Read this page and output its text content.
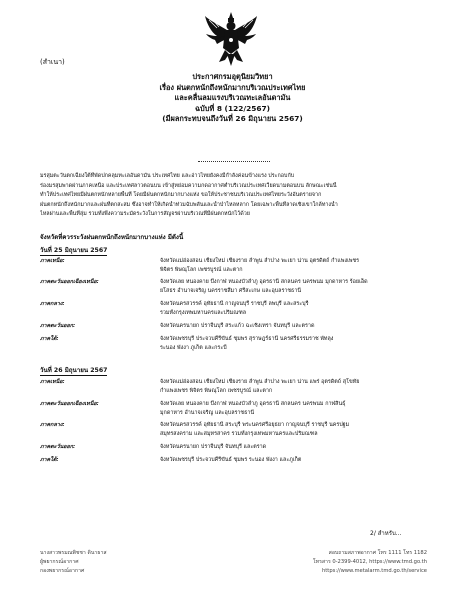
(สำเนา)
ประกาศกรมอุตุนิยมวิทยา
เรื่อง ฝนตกหนักถึงหนักมากบริเวณประเทศไทย
และคลื่นลมแรงบริเวณทะเลอันดามัน
ฉบับที่ 8 (122/2567)
(มีผลกระทบจนถึงวันที่ 26 มิถุนายน 2567)
มรสุมตะวันตกเฉียงใต้ที่พัดปกคลุมทะเลอันดามัน ประเทศไทย และอ่าวไทยยังคงมีกำลังค่อนข้างแรง ประกอบกับ
ร่องมรสุมพาดผ่านภาคเหนือ และประเทศลาวตอนบน เข้าสู่หย่อมความกดอากาศต่ำบริเวณประเทศเวียดนามตอนบน ลักษณะเช่นนี้
ทำให้ประเทศไทยมีฝนตกหนักหลายพื้นที่ โดยมีฝนตกหนักมากบางแห่ง ขอให้ประชาชนบริเวณประเทศไทยระวังอันตรายจาก
ฝนตกหนักถึงหนักมากและฝนที่ตกสะสม ซึ่งอาจทำให้เกิดน้ำท่วมฉับพลันและน้ำป่าไหลหลาก โดยเฉพาะพื้นที่ลาดเชิงเขาใกล้ทางน้ำ
ไหลผ่านและพื้นที่ลุ่ม รวมทั้งพึงความระมัดระวังในการสัญจรผ่านบริเวณที่มีฝนตกหนักไว้ด้วย
จังหวัดที่ควรระวังฝนตกหนักถึงหนักมากบางแห่ง มีดังนี้
วันที่ 25 มิถุนายน 2567
ภาคเหนือ:	จังหวัดแม่ฮ่องสอน เชียงใหม่ เชียงราย ลำพูน ลำปาง พะเยา น่าน อุตรดิตถ์ กำแพงเพชร
พิจิตร พิษณุโลก เพชรบูรณ์ และตาก
ภาคตะวันออกเฉียงเหนือ:	จังหวัดเลย หนองคาย บึงกาฬ หนองบัวลำภู อุดรธานี สกลนคร นครพนม มุกดาหาร ร้อยเอ็ด
ยโสธร อำนาจเจริญ นครราชสีมา ศรีสะเกษ และอุบลราชธานี
ภาคกลาง:	จังหวัดนครสวรรค์ อุทัยธานี กาญจนบุรี ราชบุรี ลพบุรี และสระบุรี
รวมทั้งกรุงเทพมหานครและปริมณฑล
ภาคตะวันออก:	จังหวัดนครนายก ปราจีนบุรี สระแก้ว ฉะเชิงเทรา จันทบุรี และตราด
ภาคใต้:	จังหวัดเพชรบุรี ประจวบคีรีขันธ์ ชุมพร สุราษฎร์ธานี นครศรีธรรมราช พัทลุง
ระนอง พังงา ภูเก็ต และกระบี่
วันที่ 26 มิถุนายน 2567
ภาคเหนือ:	จังหวัดแม่ฮ่องสอน เชียงใหม่ เชียงราย ลำพูน ลำปาง พะเยา น่าน แพร่ อุตรดิตถ์ สุโขทัย
กำแพงเพชร พิจิตร พิษณุโลก เพชรบูรณ์ และตาก
ภาคตะวันออกเฉียงเหนือ:	จังหวัดเลย หนองคาย บึงกาฬ หนองบัวลำภู อุดรธานี สกลนคร นครพนม กาฬสินธุ์
มุกดาหาร อำนาจเจริญ และอุบลราชธานี
ภาคกลาง:	จังหวัดนครสวรรค์ อุทัยธานี สระบุรี พระนครศรีอยุธยา กาญจนบุรี ราชบุรี นครปฐม
สมุทรสงคราม และสมุทรสาคร รวมทั้งกรุงเทพมหานครและปริมณฑล
ภาคตะวันออก:	จังหวัดนครนายก ปราจีนบุรี จันทบุรี และตราด
ภาคใต้:	จังหวัดเพชรบุรี ประจวบคีรีขันธ์ ชุมพร ระนอง พังงา และภูเก็ต
2/ สำหรับ...
นางสาวพรมณพิชชา ดินาธาส
ผู้พยากรณ์อากาศ
กองพยากรณ์อากาศ
สอบถามสภาพอากาศ โทร 1111 โทร 1182
โทรสาร 0-2399-4012, https://www.tmd.go.th
https://www.metalarm.tmd.go.th/service
